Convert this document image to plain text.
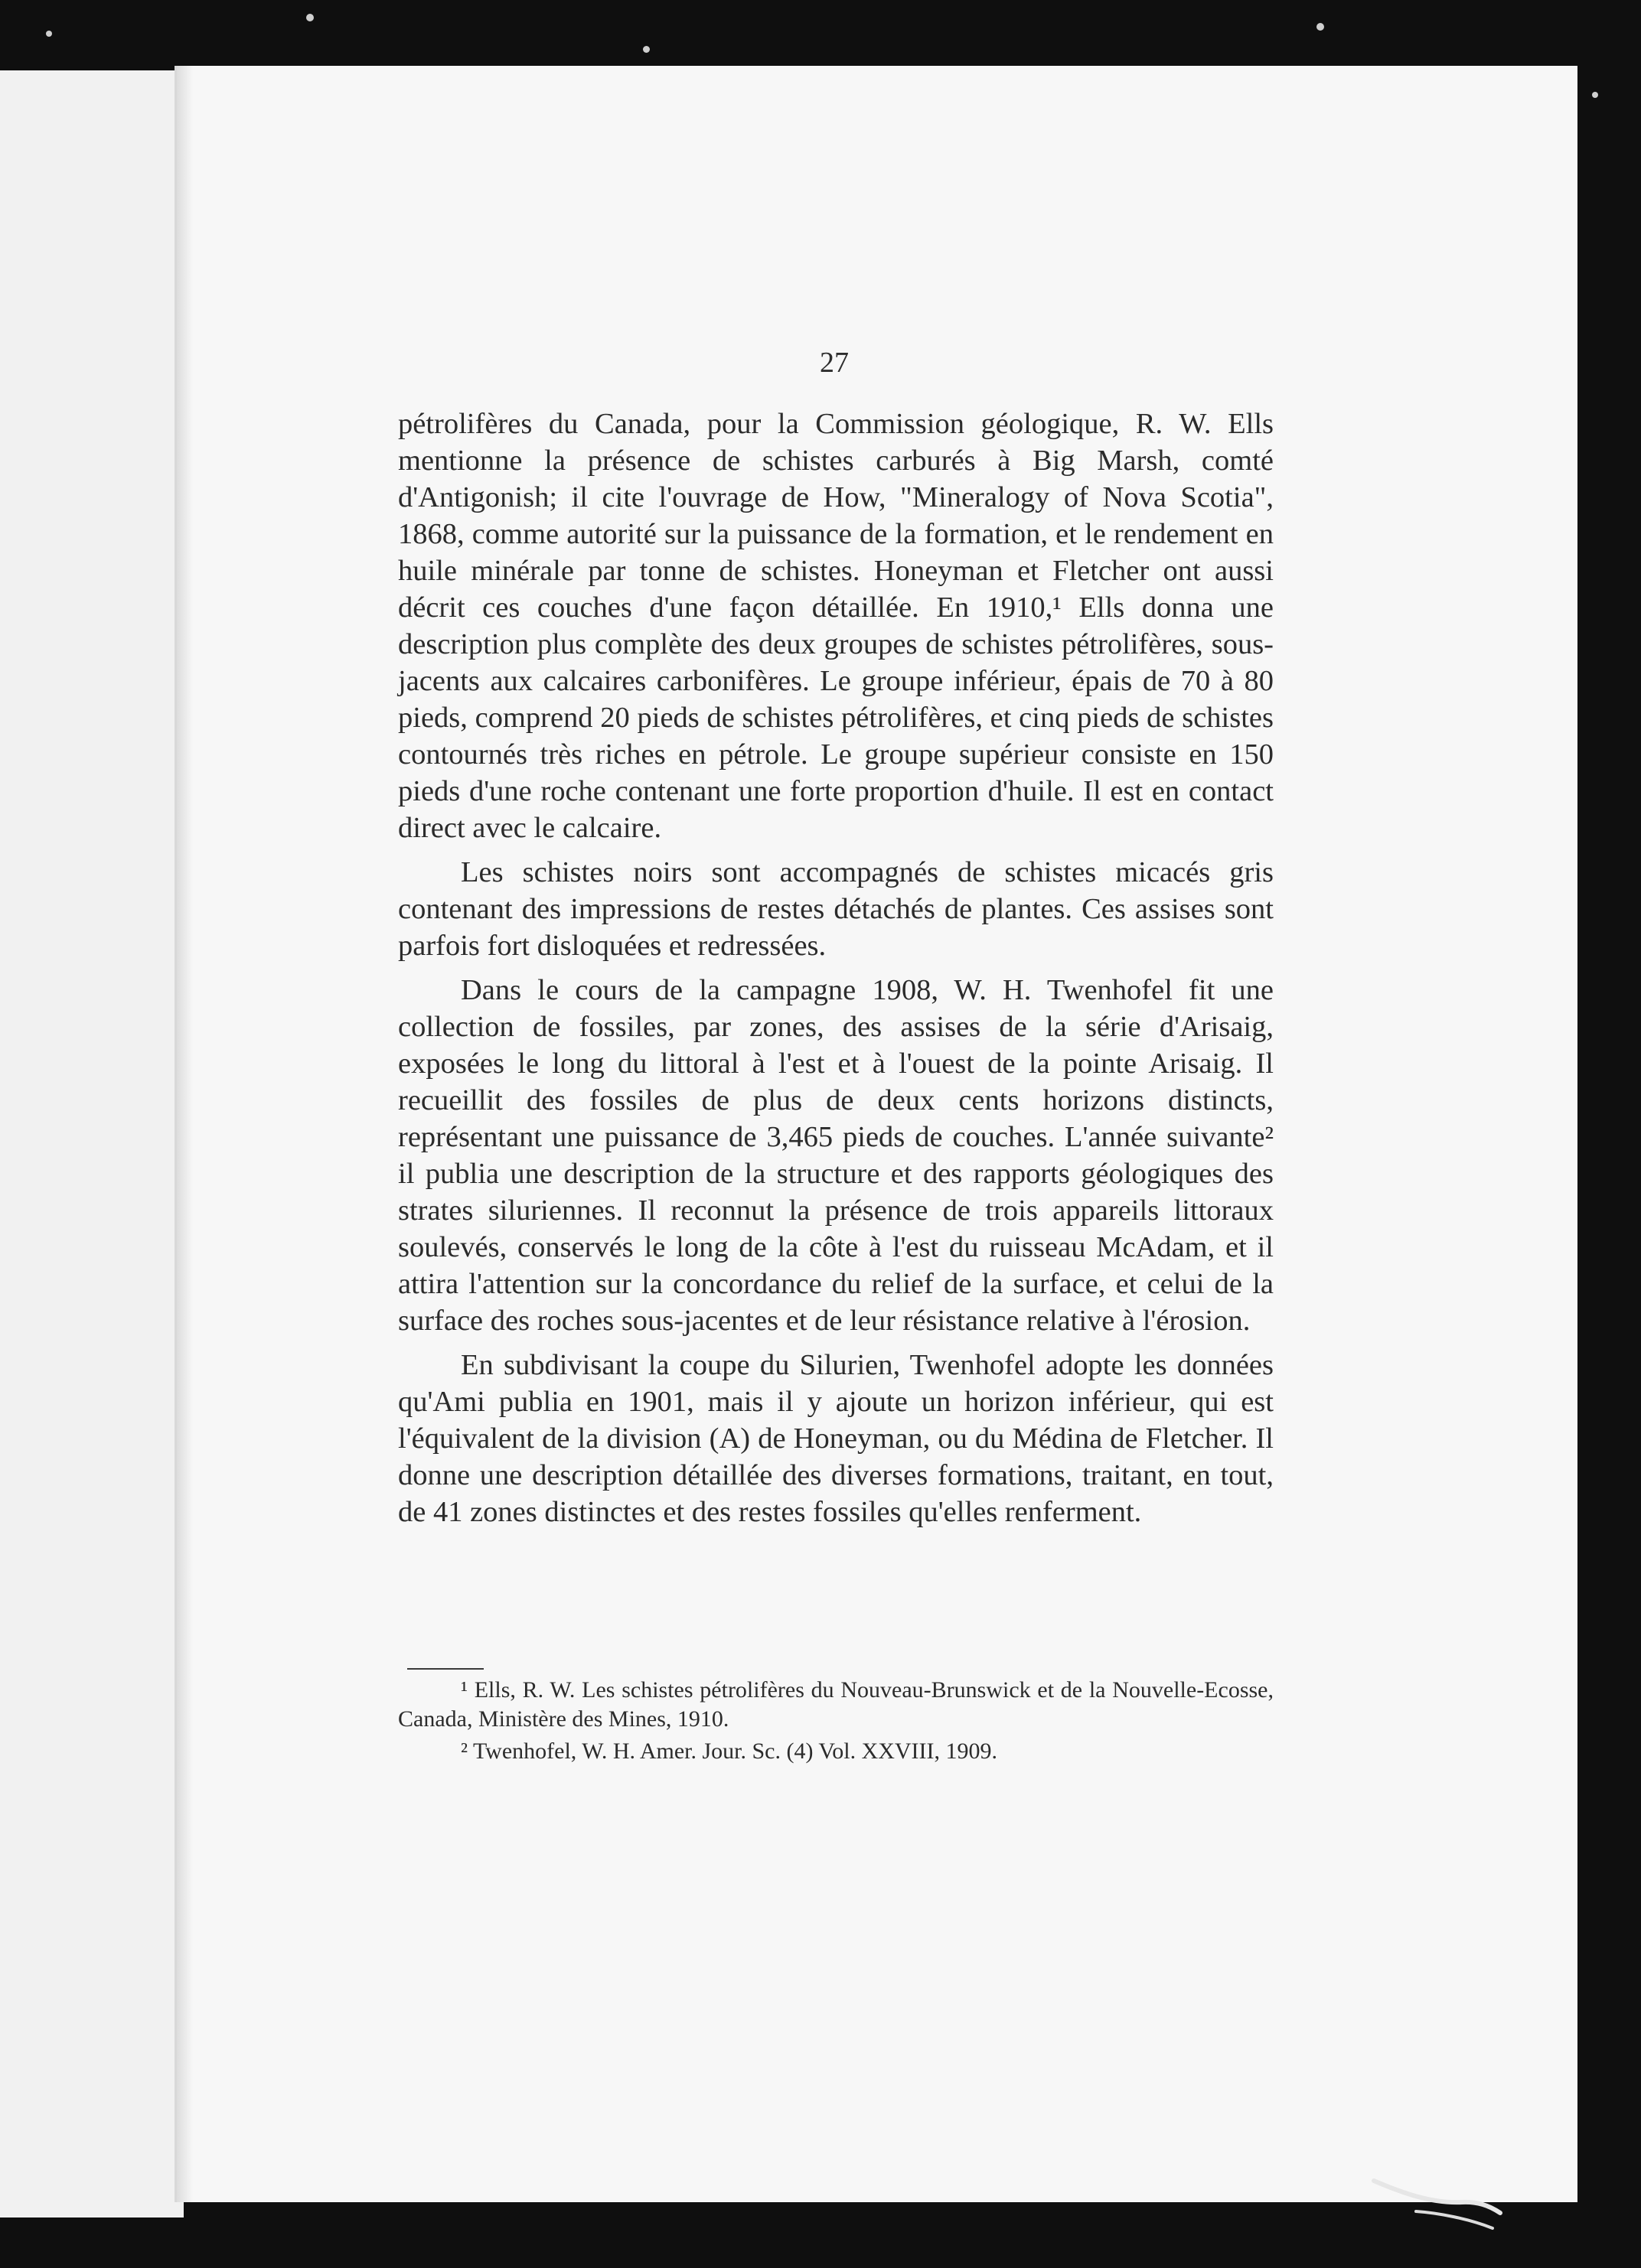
27

pétrolifères du Canada, pour la Commission géologique, R. W. Ells mentionne la présence de schistes carburés à Big Marsh, comté d'Antigonish; il cite l'ouvrage de How, "Mineralogy of Nova Scotia", 1868, comme autorité sur la puissance de la formation, et le rendement en huile minérale par tonne de schistes. Honeyman et Fletcher ont aussi décrit ces couches d'une façon détaillée. En 1910,¹ Ells donna une description plus complète des deux groupes de schistes pétrolifères, sous-jacents aux calcaires carbonifères. Le groupe inférieur, épais de 70 à 80 pieds, comprend 20 pieds de schistes pétrolifères, et cinq pieds de schistes contournés très riches en pétrole. Le groupe supérieur consiste en 150 pieds d'une roche contenant une forte proportion d'huile. Il est en contact direct avec le calcaire.

Les schistes noirs sont accompagnés de schistes micacés gris contenant des impressions de restes détachés de plantes. Ces assises sont parfois fort disloquées et redressées.

Dans le cours de la campagne 1908, W. H. Twenhofel fit une collection de fossiles, par zones, des assises de la série d'Arisaig, exposées le long du littoral à l'est et à l'ouest de la pointe Arisaig. Il recueillit des fossiles de plus de deux cents horizons distincts, représentant une puissance de 3,465 pieds de couches. L'année suivante² il publia une description de la structure et des rapports géologiques des strates siluriennes. Il reconnut la présence de trois appareils littoraux soulevés, conservés le long de la côte à l'est du ruisseau McAdam, et il attira l'attention sur la concordance du relief de la surface, et celui de la surface des roches sous-jacentes et de leur résistance relative à l'érosion.

En subdivisant la coupe du Silurien, Twenhofel adopte les données qu'Ami publia en 1901, mais il y ajoute un horizon inférieur, qui est l'équivalent de la division (A) de Honeyman, ou du Médina de Fletcher. Il donne une description détaillée des diverses formations, traitant, en tout, de 41 zones distinctes et des restes fossiles qu'elles renferment.

¹ Ells, R. W. Les schistes pétrolifères du Nouveau-Brunswick et de la Nouvelle-Ecosse, Canada, Ministère des Mines, 1910.

² Twenhofel, W. H. Amer. Jour. Sc. (4) Vol. XXVIII, 1909.
